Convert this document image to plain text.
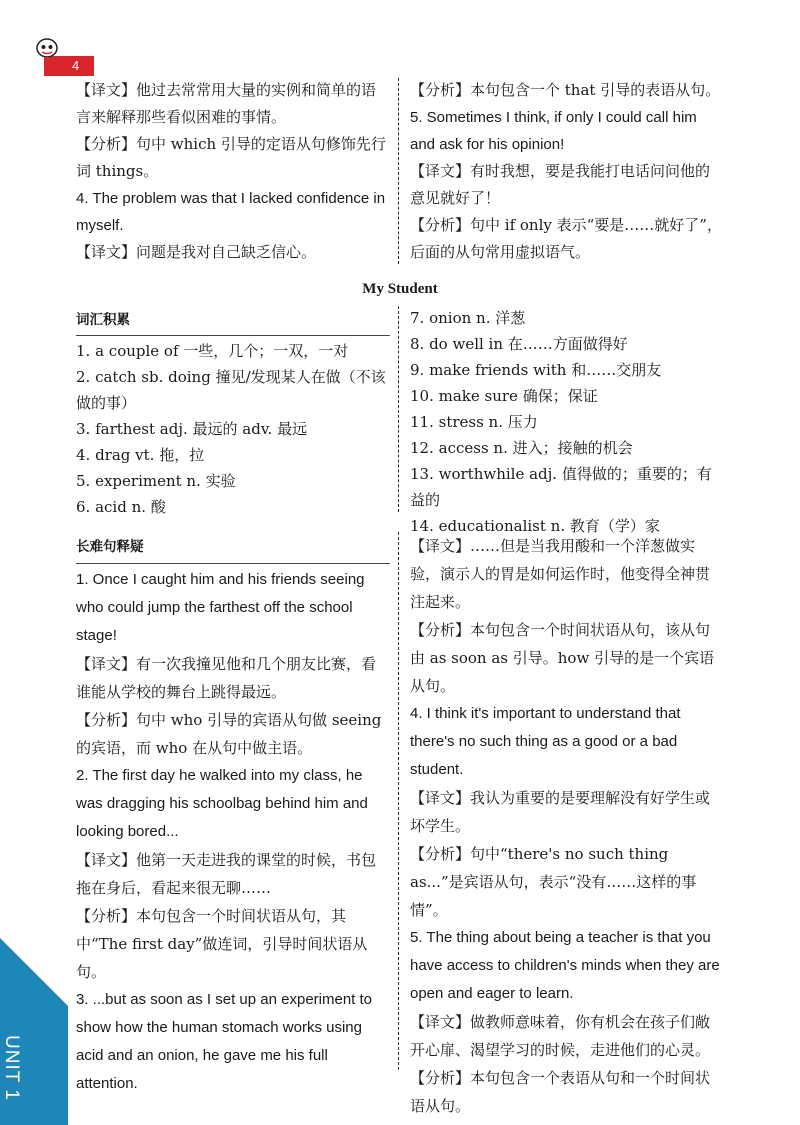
4

【译文】他过去常常用大量的实例和简单的语言来解释那些看似困难的事情。

【分析】句中 which 引导的定语从句修饰先行词 things。

4. The problem was that I lacked confidence in myself.

【译文】问题是我对自己缺乏信心。

【分析】本句包含一个 that 引导的表语从句。

5. Sometimes I think, if only I could call him and ask for his opinion!

【译文】有时我想，要是我能打电话问问他的意见就好了！

【分析】句中 if only 表示“要是……就好了”，后面的从句常用虚拟语气。

My Student
词汇积累

1. a couple of 一些，几个；一双，一对

2. catch sb. doing 撞见/发现某人在做（不该做的事）

3. farthest adj. 最远的 adv. 最远

4. drag vt. 拖，拉

5. experiment n. 实验

6. acid n. 酸

7. onion n. 洋葱

8. do well in 在……方面做得好

9. make friends with 和……交朋友

10. make sure 确保；保证

11. stress n. 压力

12. access n. 进入；接触的机会

13. worthwhile adj. 值得做的；重要的；有益的

14. educationalist n. 教育（学）家

长难句释疑

1. Once I caught him and his friends seeing who could jump the farthest off the school stage!

【译文】有一次我撞见他和几个朋友比赛，看谁能从学校的舞台上跳得最远。

【分析】句中 who 引导的宾语从句做 seeing 的宾语，而 who 在从句中做主语。

2. The first day he walked into my class, he was dragging his schoolbag behind him and looking bored...

【译文】他第一天走进我的课堂的时候，书包拖在身后，看起来很无聊……

【分析】本句包含一个时间状语从句，其中“The first day”做连词，引导时间状语从句。

3. ...but as soon as I set up an experiment to show how the human stomach works using acid and an onion, he gave me his full attention.

【译文】……但是当我用酸和一个洋葱做实验，演示人的胃是如何运作时，他变得全神贯注起来。

【分析】本句包含一个时间状语从句，该从句由 as soon as 引导。how 引导的是一个宾语从句。

4. I think it's important to understand that there's no such thing as a good or a bad student.

【译文】我认为重要的是要理解没有好学生或坏学生。

【分析】句中“there's no such thing as...”是宾语从句，表示“没有……这样的事情”。

5. The thing about being a teacher is that you have access to children's minds when they are open and eager to learn.

【译文】做教师意味着，你有机会在孩子们敞开心扉、渴望学习的时候，走进他们的心灵。

【分析】本句包含一个表语从句和一个时间状语从句。

UNIT 1
